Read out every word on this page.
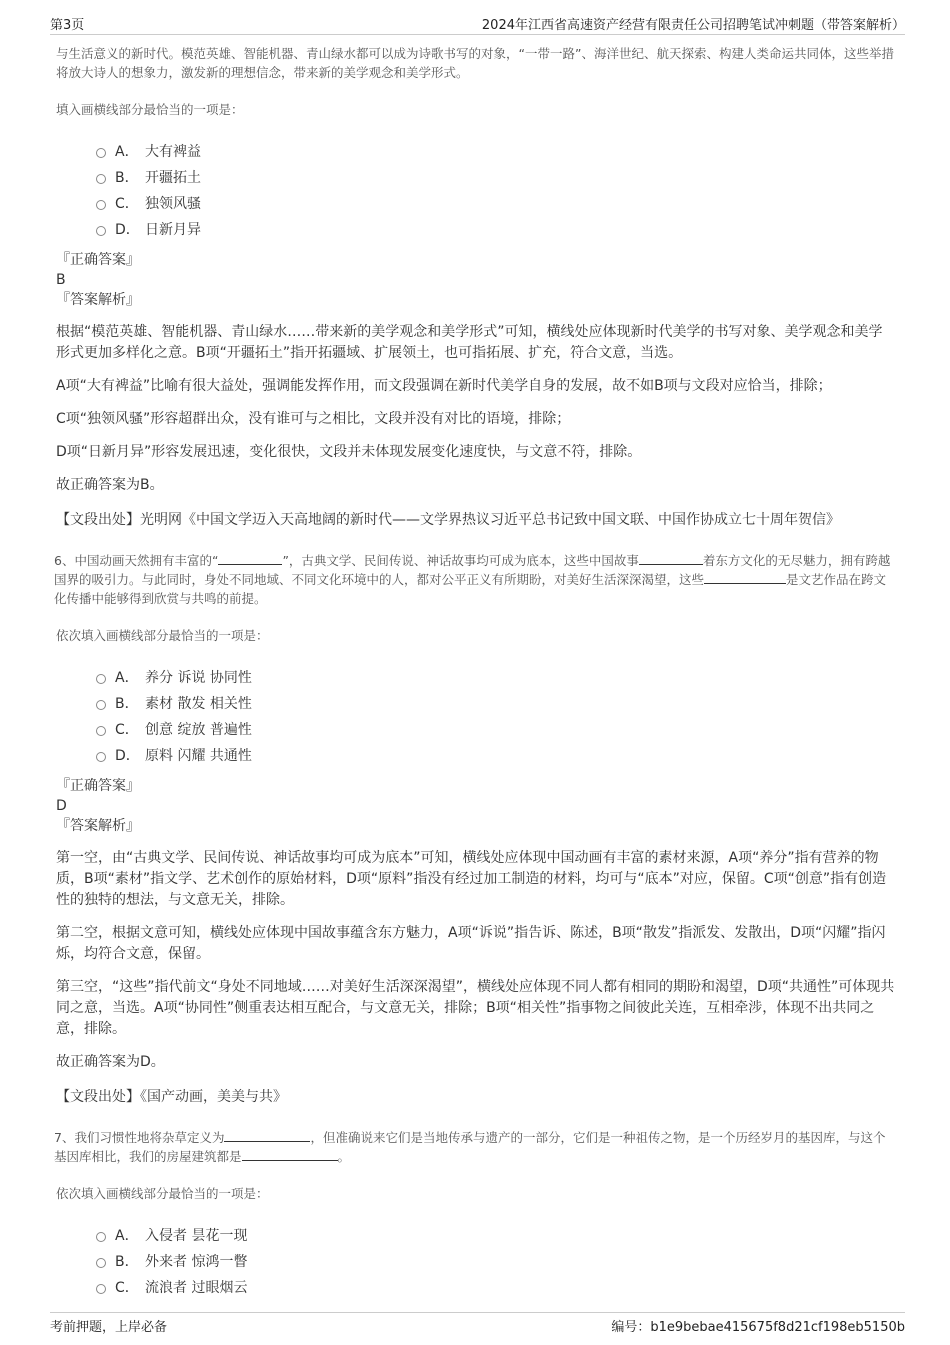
第3页	2024年江西省高速资产经营有限责任公司招聘笔试冲刺题（带答案解析）

与生活意义的新时代。模范英雄、智能机器、青山绿水都可以成为诗歌书写的对象，“一带一路”、海洋世纪、航天探索、构建人类命运共同体，这些举措将放大诗人的想象力，激发新的理想信念，带来新的美学观念和美学形式。

填入画横线部分最恰当的一项是：

A． 大有裨益
B． 开疆拓土
C． 独领风骚
D． 日新月异

『正确答案』

B

『答案解析』

根据“模范英雄、智能机器、青山绿水……带来新的美学观念和美学形式”可知，横线处应体现新时代美学的书写对象、美学观念和美学形式更加多样化之意。B项“开疆拓土”指开拓疆域、扩展领土，也可指拓展、扩充，符合文意，当选。

A项“大有裨益”比喻有很大益处，强调能发挥作用，而文段强调在新时代美学自身的发展，故不如B项与文段对应恰当，排除；

C项“独领风骚”形容超群出众，没有谁可与之相比，文段并没有对比的语境，排除；

D项“日新月异”形容发展迅速，变化很快，文段并未体现发展变化速度快，与文意不符，排除。

故正确答案为B。

【文段出处】光明网《中国文学迈入天高地阔的新时代——文学界热议习近平总书记致中国文联、中国作协成立七十周年贺信》

6、中国动画天然拥有丰富的“	”，古典文学、民间传说、神话故事均可成为底本，这些中国故事	着东方文化的无尽魅力，拥有跨越国界的吸引力。与此同时，身处不同地域、不同文化环境中的人，都对公平正义有所期盼，对美好生活深深渴望，这些	是文艺作品在跨文化传播中能够得到欣赏与共鸣的前提。

依次填入画横线部分最恰当的一项是：

A． 养分 诉说 协同性
B． 素材 散发 相关性
C． 创意 绽放 普遍性
D． 原料 闪耀 共通性

『正确答案』

D

『答案解析』

第一空，由“古典文学、民间传说、神话故事均可成为底本”可知，横线处应体现中国动画有丰富的素材来源，A项“养分”指有营养的物质，B项“素材”指文学、艺术创作的原始材料，D项“原料”指没有经过加工制造的材料，均可与“底本”对应，保留。C项“创意”指有创造性的独特的想法，与文意无关，排除。

第二空，根据文意可知，横线处应体现中国故事蕴含东方魅力，A项“诉说”指告诉、陈述，B项“散发”指派发、发散出，D项“闪耀”指闪烁，均符合文意，保留。

第三空，“这些”指代前文“身处不同地域……对美好生活深深渴望”，横线处应体现不同人都有相同的期盼和渴望，D项“共通性”可体现共同之意，当选。A项“协同性”侧重表达相互配合，与文意无关，排除；B项“相关性”指事物之间彼此关连，互相牵涉，体现不出共同之意，排除。

故正确答案为D。

【文段出处】《国产动画，美美与共》

7、我们习惯性地将杂草定义为	，但准确说来它们是当地传承与遗产的一部分，它们是一种祖传之物，是一个历经岁月的基因库，与这个基因库相比，我们的房屋建筑都是	。

依次填入画横线部分最恰当的一项是：

A． 入侵者 昙花一现
B． 外来者 惊鸿一瞥
C． 流浪者 过眼烟云
考前押题，上岸必备	编号：b1e9bebae415675f8d21cf198eb5150b
